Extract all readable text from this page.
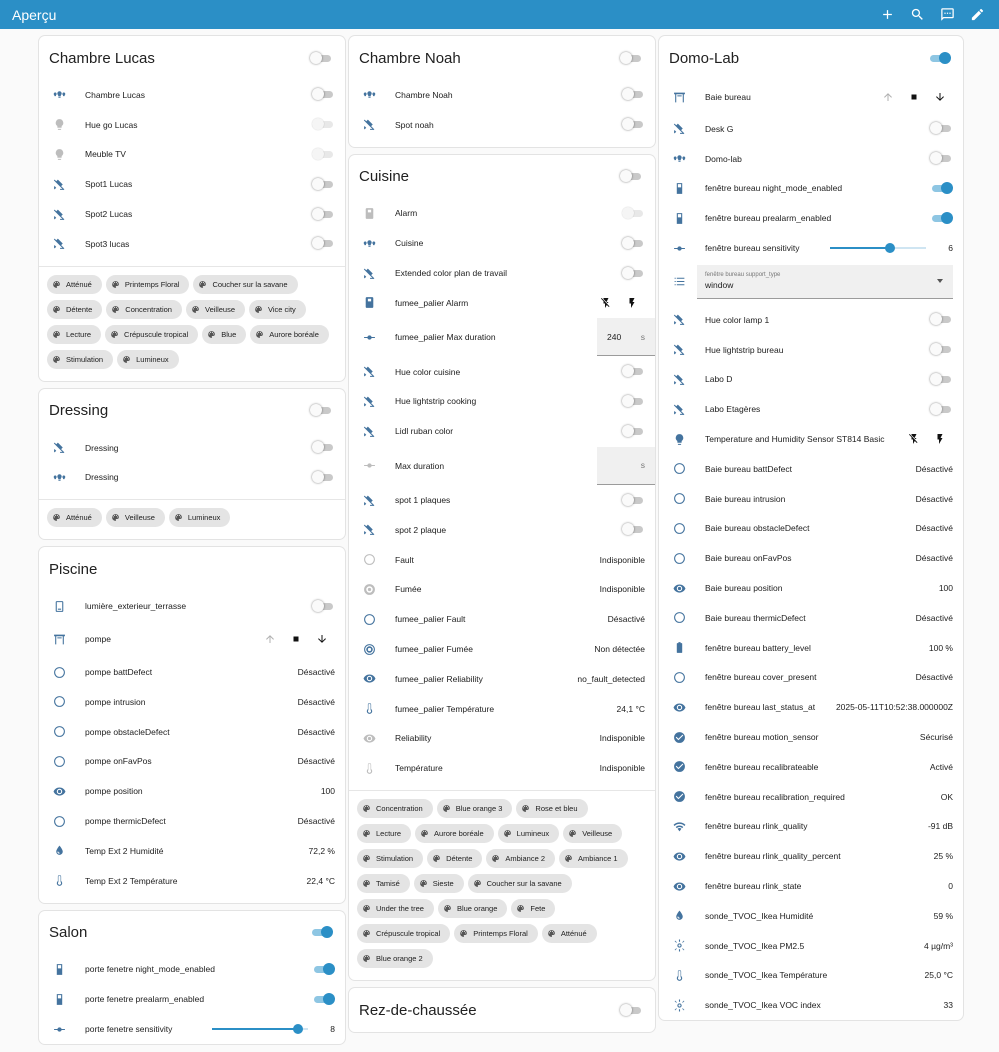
Aperçu
Chambre Lucas
Chambre Lucas
Hue go Lucas
Meuble TV
Spot1 Lucas
Spot2 Lucas
Spot3 lucas
Atténué	Printemps Floral	Coucher sur la savane
Détente	Concentration	Veilleuse	Vice city
Lecture	Crépuscule tropical	Blue	Aurore boréale
Stimulation	Lumineux
Dressing
Dressing
Dressing
Atténué	Veilleuse	Lumineux
Piscine
lumière_exterieur_terrasse
pompe
pompe battDefect	Désactivé
pompe intrusion	Désactivé
pompe obstacleDefect	Désactivé
pompe onFavPos	Désactivé
pompe position	100
pompe thermicDefect	Désactivé
Temp Ext 2 Humidité	72,2 %
Temp Ext 2 Température	22,4 °C
Salon
porte fenetre night_mode_enabled
porte fenetre prealarm_enabled
porte fenetre sensitivity	8
Chambre Noah
Chambre Noah
Spot noah
Cuisine
Alarm
Cuisine
Extended color plan de travail
fumee_palier Alarm
fumee_palier Max duration	240 s
Hue color cuisine
Hue lightstrip cooking
Lidl ruban color
Max duration	s
spot 1 plaques
spot 2 plaque
Fault	Indisponible
Fumée	Indisponible
fumee_palier Fault	Désactivé
fumee_palier Fumée	Non détectée
fumee_palier Reliability	no_fault_detected
fumee_palier Température	24,1 °C
Reliability	Indisponible
Température	Indisponible
Concentration	Blue orange 3	Rose et bleu
Lecture	Aurore boréale	Lumineux	Veilleuse
Stimulation	Détente	Ambiance 2	Ambiance 1
Tamisé	Sieste	Coucher sur la savane
Under the tree	Blue orange	Fete
Crépuscule tropical	Printemps Floral	Atténué
Blue orange 2
Rez-de-chaussée
Domo-Lab
Baie bureau
Desk G
Domo-lab
fenêtre bureau night_mode_enabled
fenêtre bureau prealarm_enabled
fenêtre bureau sensitivity	6
fenêtre bureau support_type
window
Hue color lamp 1
Hue lightstrip bureau
Labo D
Labo Etagères
Temperature and Humidity Sensor ST814 Basic
Baie bureau battDefect	Désactivé
Baie bureau intrusion	Désactivé
Baie bureau obstacleDefect	Désactivé
Baie bureau onFavPos	Désactivé
Baie bureau position	100
Baie bureau thermicDefect	Désactivé
fenêtre bureau battery_level	100 %
fenêtre bureau cover_present	Désactivé
fenêtre bureau last_status_at	2025-05-11T10:52:38.000000Z
fenêtre bureau motion_sensor	Sécurisé
fenêtre bureau recalibrateable	Activé
fenêtre bureau recalibration_required	OK
fenêtre bureau rlink_quality	-91 dB
fenêtre bureau rlink_quality_percent	25 %
fenêtre bureau rlink_state	0
sonde_TVOC_Ikea Humidité	59 %
sonde_TVOC_Ikea PM2.5	4 µg/m³
sonde_TVOC_Ikea Température	25,0 °C
sonde_TVOC_Ikea VOC index	33
